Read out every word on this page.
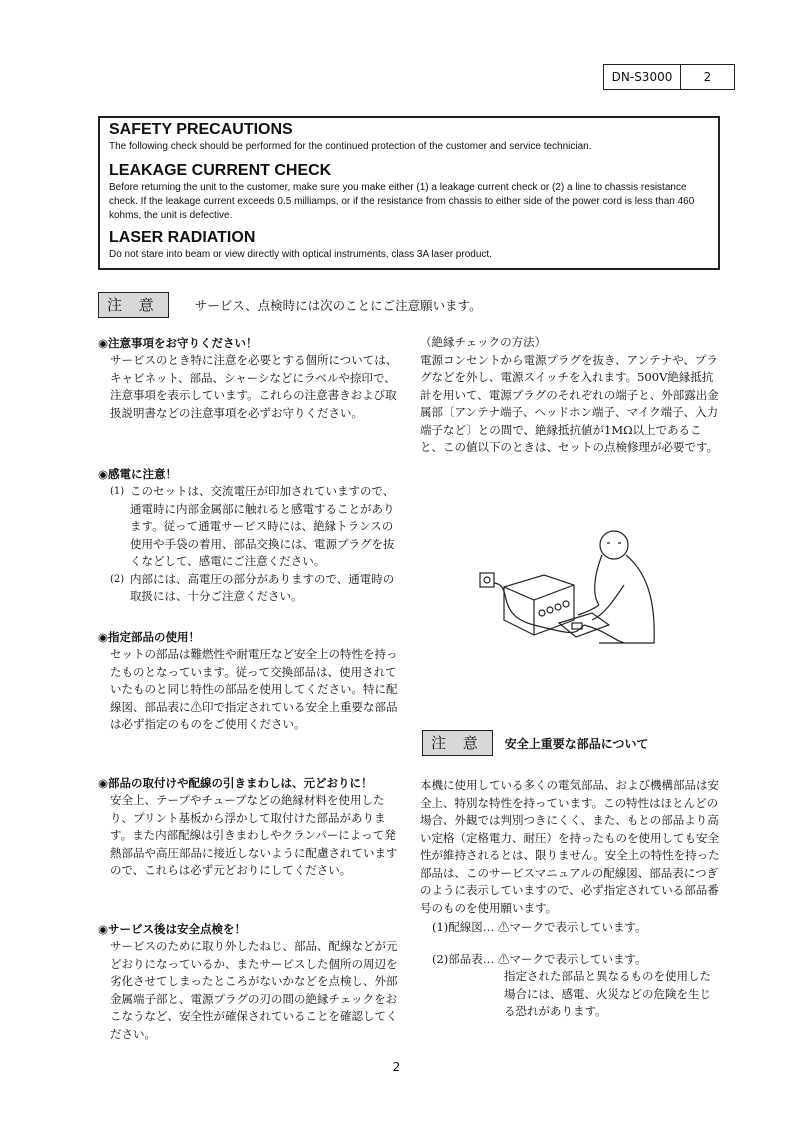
DN-S3000	2
SAFETY PRECAUTIONS

The following check should be performed for the continued protection of the customer and service technician.

LEAKAGE CURRENT CHECK

Before returning the unit to the customer, make sure you make either (1) a leakage current check or (2) a line to chassis resistance check. If the leakage current exceeds 0.5 milliamps, or if the resistance from chassis to either side of the power cord is less than 460 kohms, the unit is defective.

LASER RADIATION

Do not stare into beam or view directly with optical instruments, class 3A laser product.

注 意	サービス、点検時には次のことにご注意願います。
◉注意事項をお守りください！
サービスのとき特に注意を必要とする個所については、キャビネット、部品、シャーシなどにラベルや捺印で、注意事項を表示しています。これらの注意書きおよび取扱説明書などの注意事項を必ずお守りください。
◉感電に注意！
(1) このセットは、交流電圧が印加されていますので、通電時に内部金属部に触れると感電することがあります。従って通電サービス時には、絶縁トランスの使用や手袋の着用、部品交換には、電源プラグを抜くなどして、感電にご注意ください。
(2) 内部には、高電圧の部分がありますので、通電時の取扱には、十分ご注意ください。
◉指定部品の使用！
セットの部品は難燃性や耐電圧など安全上の特性を持ったものとなっています。従って交換部品は、使用されていたものと同じ特性の部品を使用してください。特に配線図、部品表に⚠印で指定されている安全上重要な部品は必ず指定のものをご使用ください。
◉部品の取付けや配線の引きまわしは、元どおりに！
安全上、テープやチューブなどの絶縁材料を使用したり、プリント基板から浮かして取付けた部品があります。また内部配線は引きまわしやクランパーによって発熱部品や高圧部品に接近しないように配慮されていますので、これらは必ず元どおりにしてください。
◉サービス後は安全点検を！
サービスのために取り外したねじ、部品、配線などが元どおりになっているか、またサービスした個所の周辺を劣化させてしまったところがないかなどを点検し、外部金属端子部と、電源プラグの刃の間の絶縁チェックをおこなうなど、安全性が確保されていることを確認してください。
（絶縁チェックの方法）
電源コンセントから電源プラグを抜き、アンテナや、プラグなどを外し、電源スイッチを入れます。500V絶縁抵抗計を用いて、電源プラグのそれぞれの端子と、外部露出金属部〔アンテナ端子、ヘッドホン端子、マイク端子、入力端子など〕との間で、絶縁抵抗値が1MΩ以上であること、この値以下のときは、セットの点検修理が必要です。
注 意	安全上重要な部品について
本機に使用している多くの電気部品、および機構部品は安全上、特別な特性を持っています。この特性はほとんどの場合、外観では判別つきにくく、また、もとの部品より高い定格（定格電力、耐圧）を持ったものを使用しても安全性が維持されるとは、限りません。安全上の特性を持った部品は、このサービスマニュアルの配線図、部品表につぎのように表示していますので、必ず指定されている部品番号のものを使用願います。
(1)配線図… ⚠マークで表示しています。
(2)部品表… ⚠マークで表示しています。
指定された部品と異なるものを使用した場合には、感電、火災などの危険を生じる恐れがあります。
2
